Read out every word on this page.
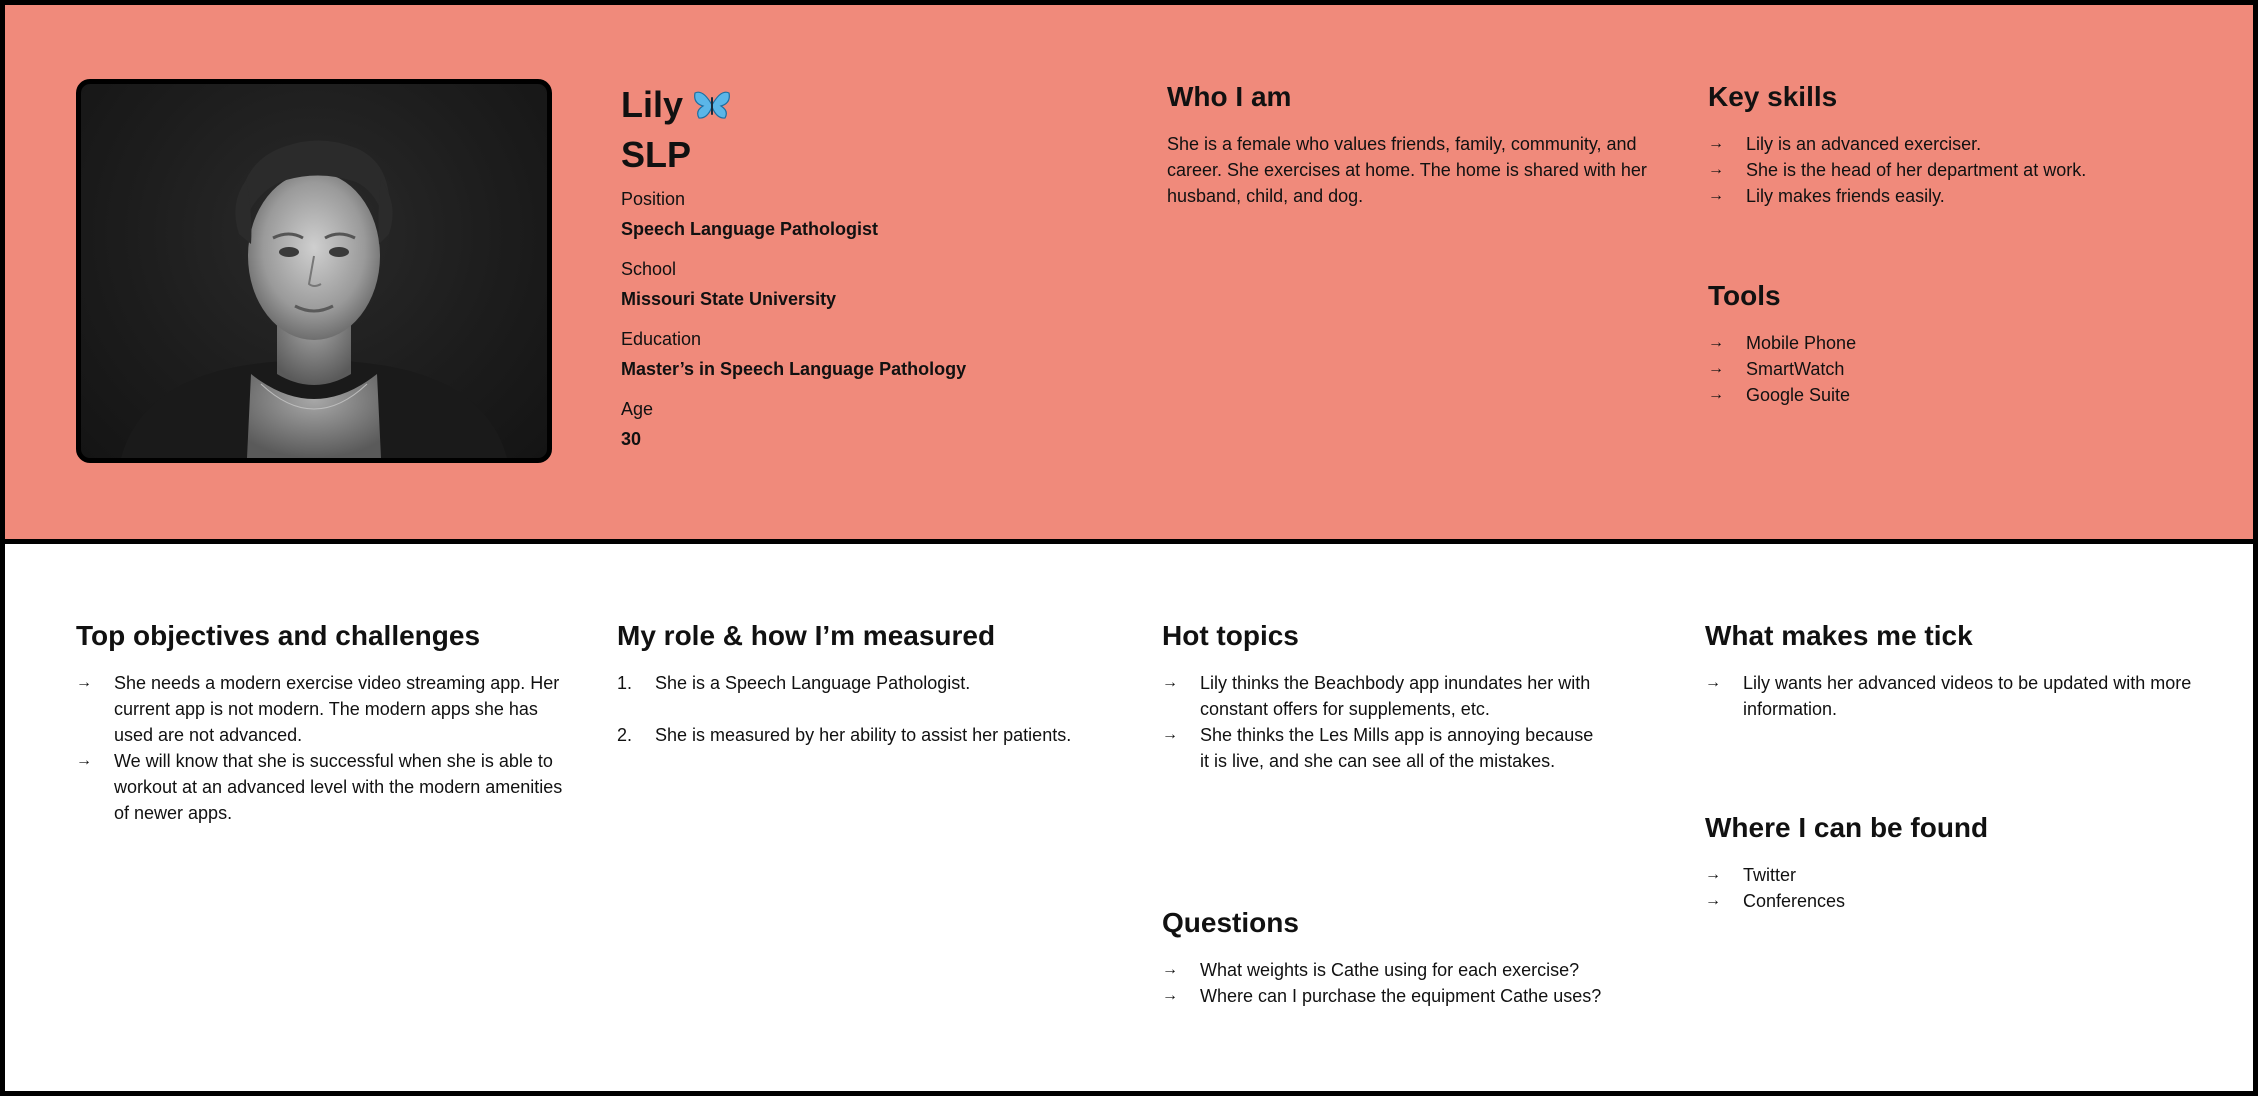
Lily
SLP
Position
Speech Language Pathologist
School
Missouri State University
Education
Master’s in Speech Language Pathology
Age
30
Who I am

She is a female who values friends, family, community, and career. She exercises at home. The home is shared with her husband, child, and dog.

Key skills
→ Lily is an advanced exerciser.
→ She is the head of her department at work.
→ Lily makes friends easily.
Tools
→ Mobile Phone
→ SmartWatch
→ Google Suite
Top objectives and challenges
→ She needs a modern exercise video streaming app. Her current app is not modern. The modern apps she has used are not advanced.
→ We will know that she is successful when she is able to workout at an advanced level with the modern amenities of newer apps.
My role & how I’m measured
1. She is a Speech Language Pathologist.
2. She is measured by her ability to assist her patients.
Hot topics
→ Lily thinks the Beachbody app inundates her with constant offers for supplements, etc.
→ She thinks the Les Mills app is annoying because it is live, and she can see all of the mistakes.
Questions
→ What weights is Cathe using for each exercise?
→ Where can I purchase the equipment Cathe uses?
What makes me tick
→ Lily wants her advanced videos to be updated with more information.
Where I can be found
→ Twitter
→ Conferences
